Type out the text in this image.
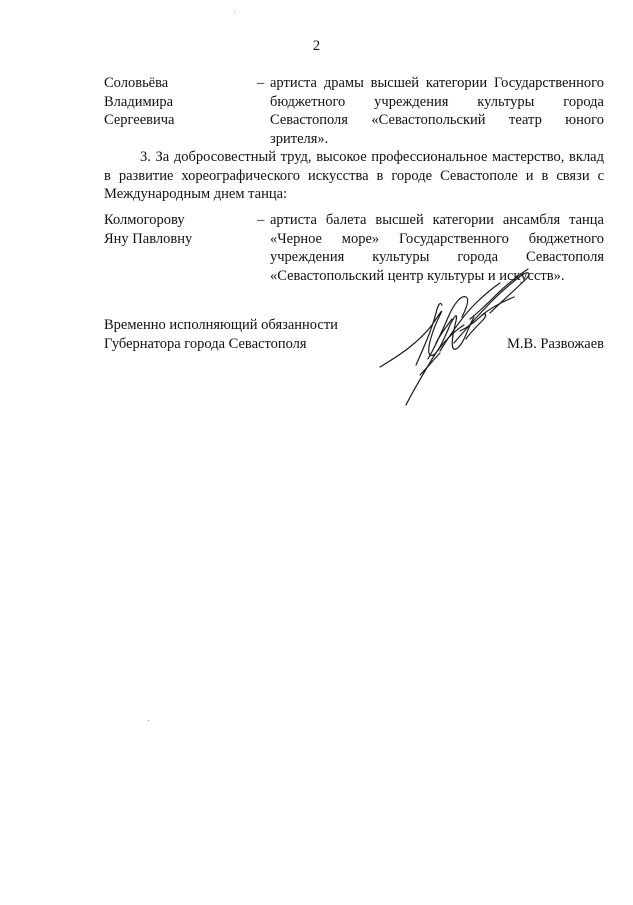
2
Соловьёва
Владимира
Сергеевича
– артиста драмы высшей категории Государственного бюджетного учреждения культуры города Севастополя «Севастопольский театр юного зрителя».
3. За добросовестный труд, высокое профессиональное мастерство, вклад в развитие хореографического искусства в городе Севастополе и в связи с Международным днем танца:
Колмогорову
Яну Павловну
– артиста балета высшей категории ансамбля танца «Черное море» Государственного бюджетного учреждения культуры города Севастополя «Севастопольский центр культуры и искусств».
Временно исполняющий обязанности
Губернатора города Севастополя	М.В. Развожаев
